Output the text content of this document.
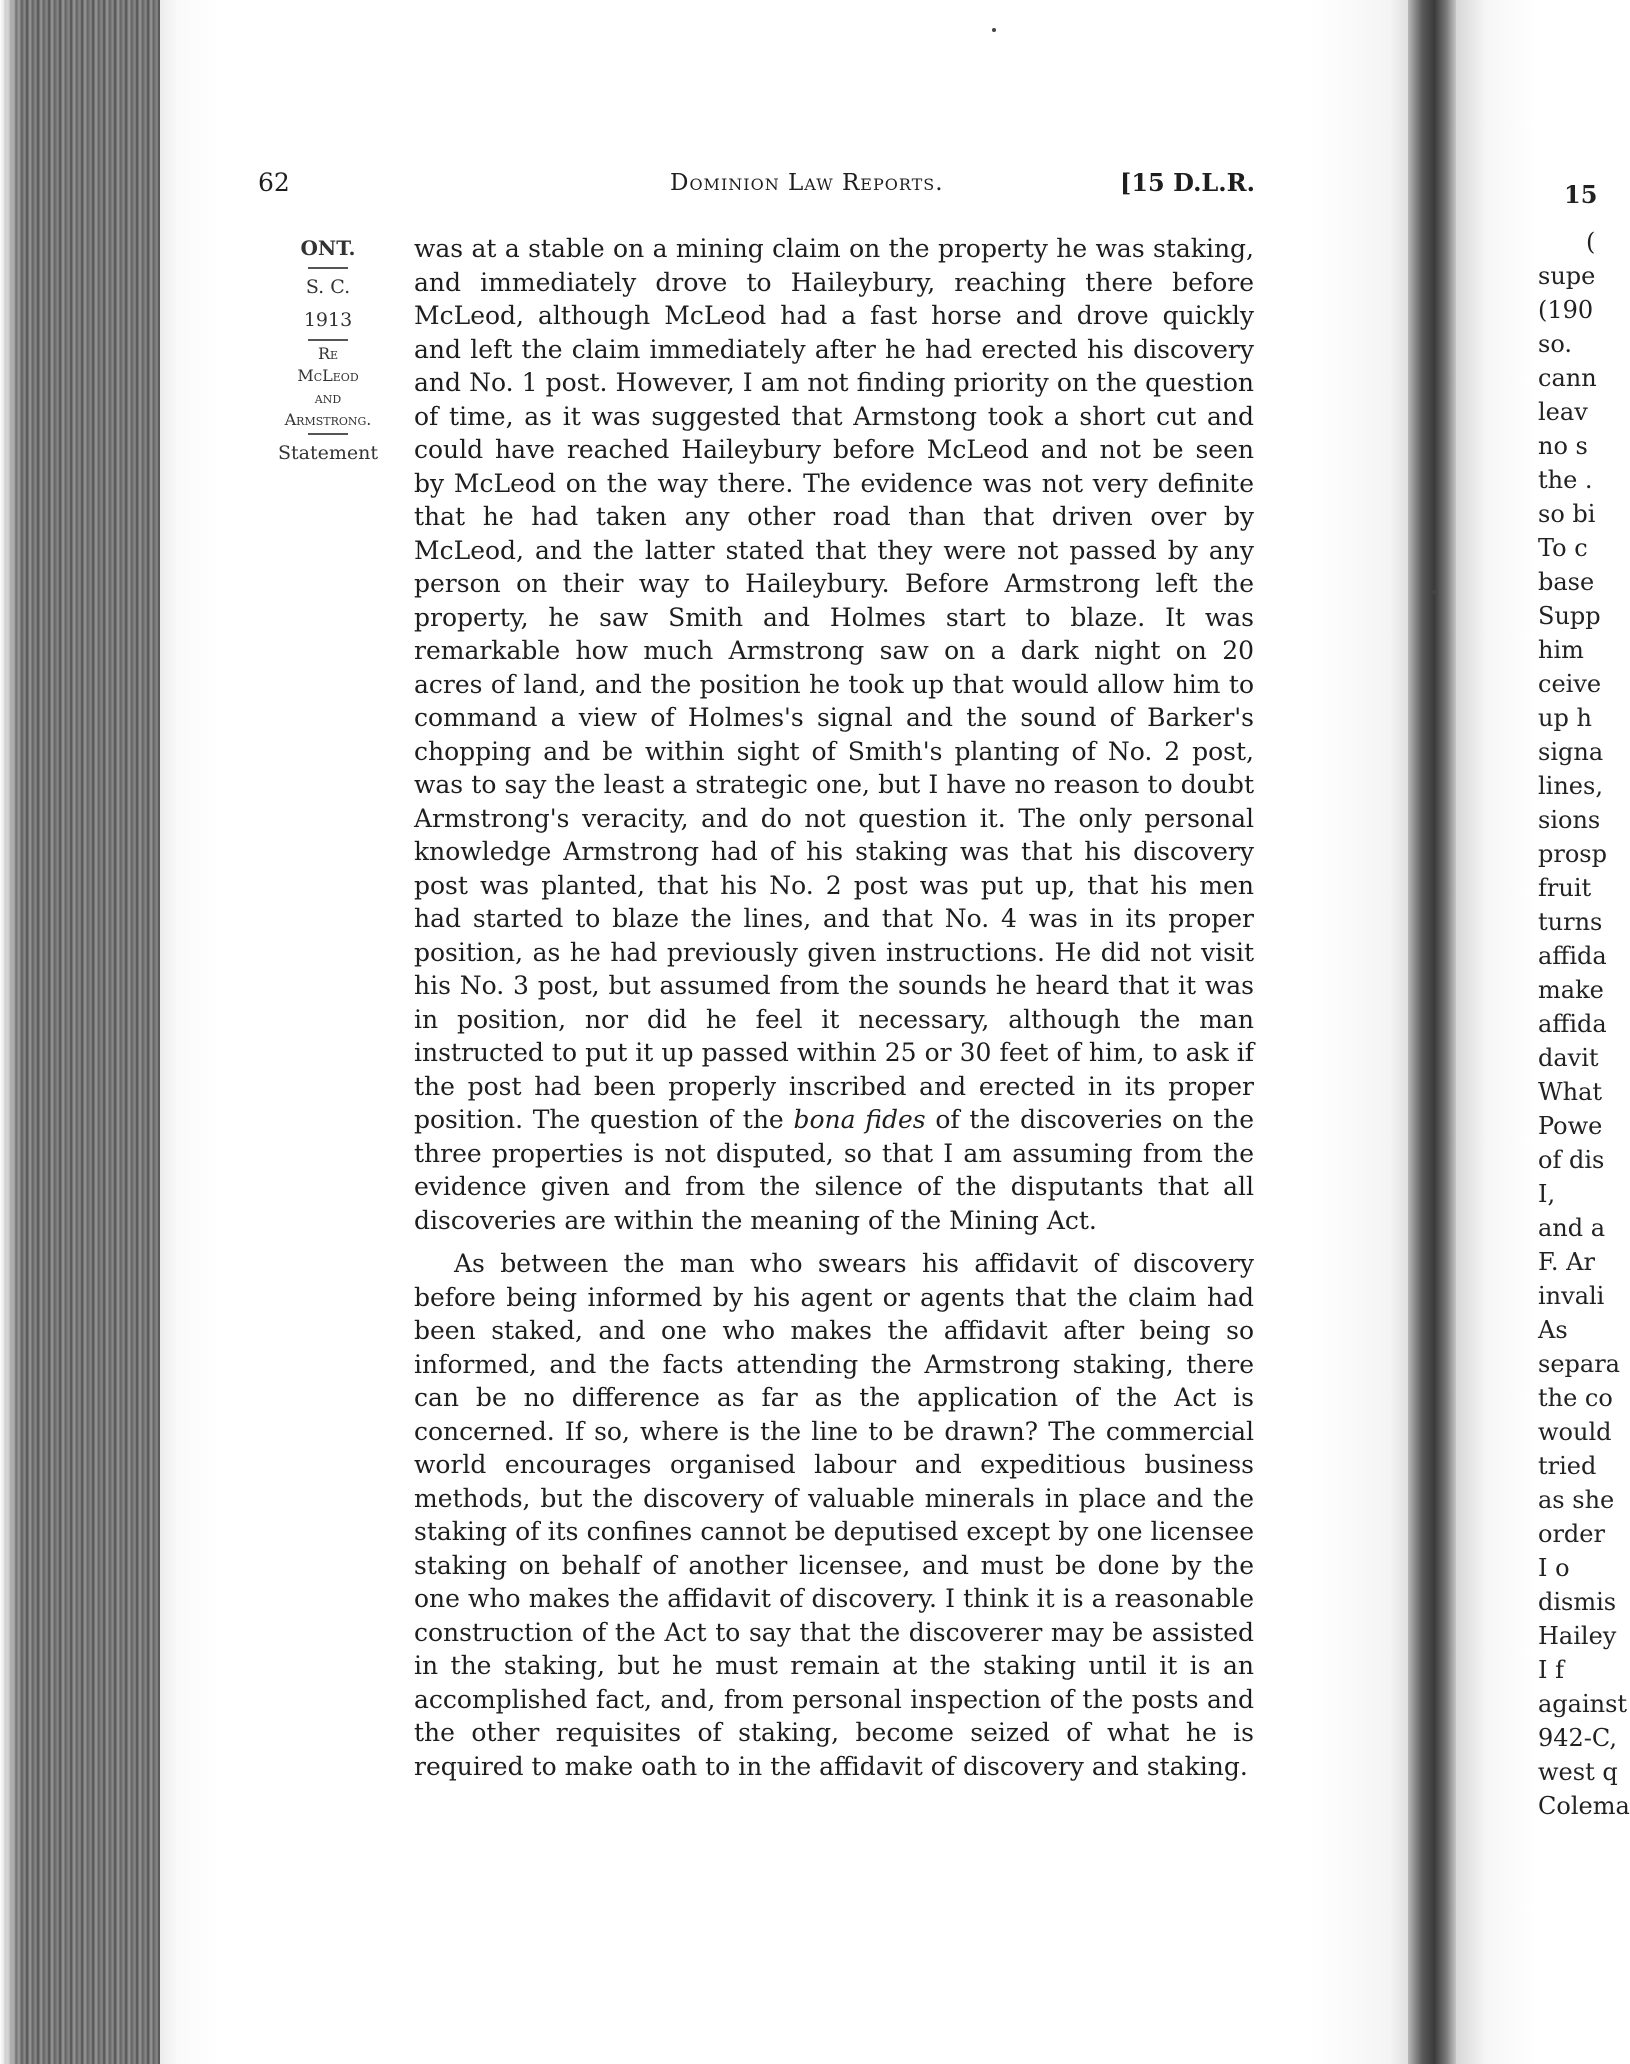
62	Dominion Law Reports.	[15 D.L.R.
ONT.
S. C.
1913
Re
McLeod
and
Armstrong.
Statement

was at a stable on a mining claim on the property he was staking, and immediately drove to Haileybury, reaching there before McLeod, although McLeod had a fast horse and drove quickly and left the claim immediately after he had erected his discovery and No. 1 post. However, I am not finding priority on the question of time, as it was suggested that Armstong took a short cut and could have reached Haileybury before McLeod and not be seen by McLeod on the way there. The evidence was not very definite that he had taken any other road than that driven over by McLeod, and the latter stated that they were not passed by any person on their way to Haileybury. Before Armstrong left the property, he saw Smith and Holmes start to blaze. It was remarkable how much Armstrong saw on a dark night on 20 acres of land, and the position he took up that would allow him to command a view of Holmes's signal and the sound of Barker's chopping and be within sight of Smith's planting of No. 2 post, was to say the least a strategic one, but I have no reason to doubt Armstrong's veracity, and do not question it. The only personal knowledge Armstrong had of his staking was that his discovery post was planted, that his No. 2 post was put up, that his men had started to blaze the lines, and that No. 4 was in its proper position, as he had previously given instructions. He did not visit his No. 3 post, but assumed from the sounds he heard that it was in position, nor did he feel it necessary, although the man instructed to put it up passed within 25 or 30 feet of him, to ask if the post had been properly inscribed and erected in its proper position. The question of the bona fides of the discoveries on the three properties is not disputed, so that I am assuming from the evidence given and from the silence of the disputants that all discoveries are within the meaning of the Mining Act.

As between the man who swears his affidavit of discovery before being informed by his agent or agents that the claim had been staked, and one who makes the affidavit after being so informed, and the facts attending the Armstrong staking, there can be no difference as far as the application of the Act is concerned. If so, where is the line to be drawn? The commercial world encourages organised labour and expeditious business methods, but the discovery of valuable minerals in place and the staking of its confines cannot be deputised except by one licensee staking on behalf of another licensee, and must be done by the one who makes the affidavit of discovery. I think it is a reasonable construction of the Act to say that the discoverer may be assisted in the staking, but he must remain at the staking until it is an accomplished fact, and, from personal inspection of the posts and the other requisites of staking, become seized of what he is required to make oath to in the affidavit of discovery and staking.

15
(
supe
(190
so.
cann
leav
no s
the .
so bi
To c
base
Supp
him
ceive
up h
signa
lines,
sions
prosp
fruit
turns
affida
make
affida
davit
What
Powe
of dis
I,
and a
F. Ar
invali
As
separa
the co
would
tried
as she
order
I o
dismis
Hailey
I f
against
942-C,
west q
Colema
